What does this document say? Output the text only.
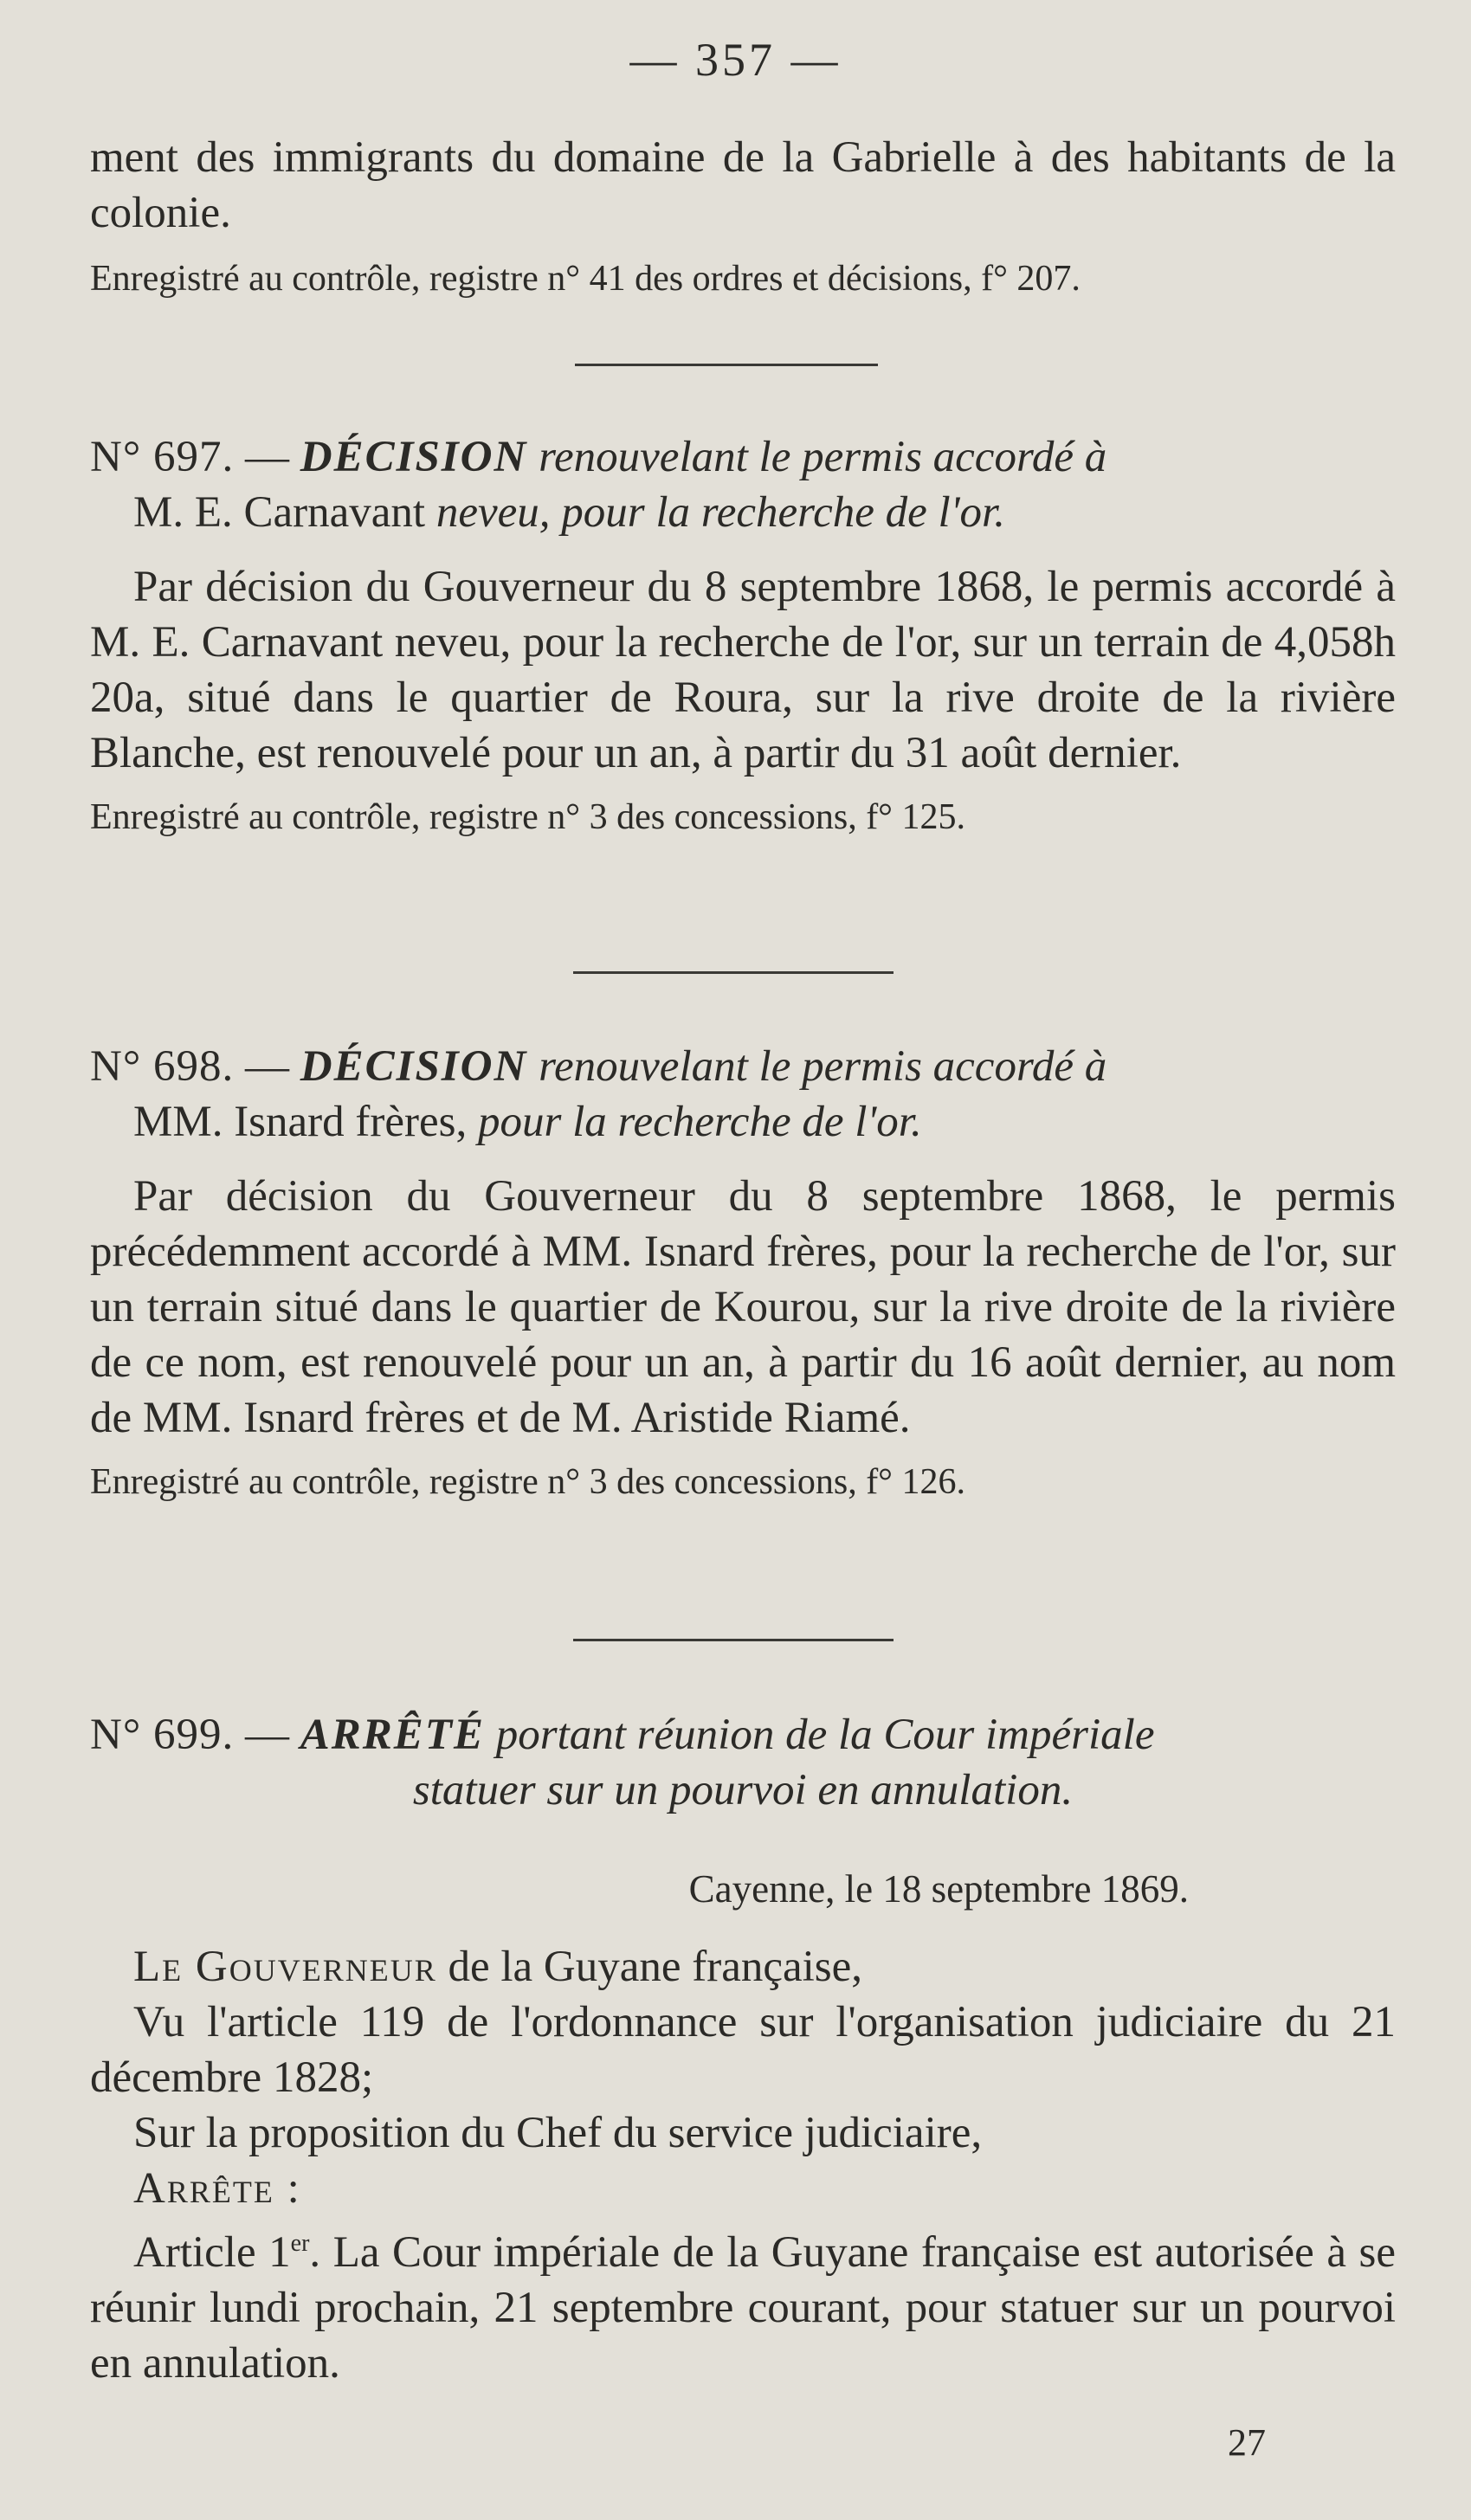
— 357 —

ment des immigrants du domaine de la Gabrielle à des habitants de la colonie.

Enregistré au contrôle, registre n° 41 des ordres et décisions, f° 207.

N° 697. — DÉCISION renouvelant le permis accordé à
M. E. Carnavant neveu, pour la recherche de l'or.

Par décision du Gouverneur du 8 septembre 1868, le permis accordé à M. E. Carnavant neveu, pour la recherche de l'or, sur un terrain de 4,058h 20a, situé dans le quartier de Roura, sur la rive droite de la rivière Blanche, est renouvelé pour un an, à partir du 31 août dernier.

Enregistré au contrôle, registre n° 3 des concessions, f° 125.

N° 698. — DÉCISION renouvelant le permis accordé à
MM. Isnard frères, pour la recherche de l'or.

Par décision du Gouverneur du 8 septembre 1868, le permis précédemment accordé à MM. Isnard frères, pour la recherche de l'or, sur un terrain situé dans le quartier de Kourou, sur la rive droite de la rivière de ce nom, est renouvelé pour un an, à partir du 16 août dernier, au nom de MM. Isnard frères et de M. Aristide Riamé.

Enregistré au contrôle, registre n° 3 des concessions, f° 126.

N° 699. — ARRÊTÉ portant réunion de la Cour impériale
statuer sur un pourvoi en annulation.

Cayenne, le 18 septembre 1869.

Le Gouverneur de la Guyane française,

Vu l'article 119 de l'ordonnance sur l'organisation judiciaire du 21 décembre 1828;

Sur la proposition du Chef du service judiciaire,

Arrête :

Article 1er. La Cour impériale de la Guyane française est autorisée à se réunir lundi prochain, 21 septembre courant, pour statuer sur un pourvoi en annulation.

27
